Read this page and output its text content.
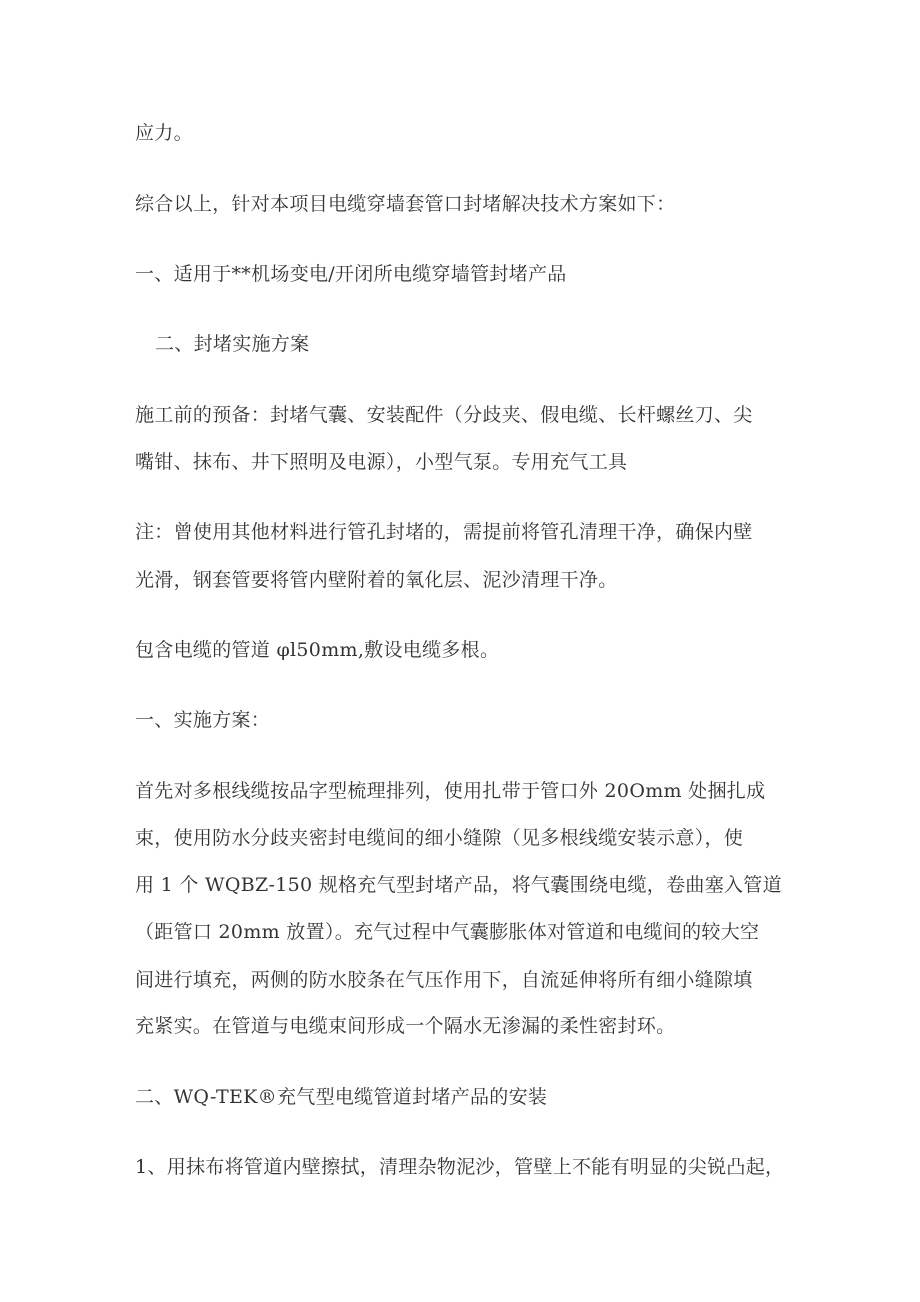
应力。
综合以上，针对本项目电缆穿墙套管口封堵解决技术方案如下：
一、适用于**机场变电/开闭所电缆穿墙管封堵产品
二、封堵实施方案
施工前的预备：封堵气囊、安装配件（分歧夹、假电缆、长杆螺丝刀、尖
嘴钳、抹布、井下照明及电源），小型气泵。专用充气工具
注：曾使用其他材料进行管孔封堵的，需提前将管孔清理干净，确保内壁
光滑，钢套管要将管内壁附着的氧化层、泥沙清理干净。
包含电缆的管道 φl50mm,敷设电缆多根。
一、实施方案：
首先对多根线缆按品字型梳理排列，使用扎带于管口外 20Omm 处捆扎成
束，使用防水分歧夹密封电缆间的细小缝隙（见多根线缆安装示意），使
用 1 个 WQBZ-150 规格充气型封堵产品，将气囊围绕电缆，卷曲塞入管道
（距管口 20mm 放置）。充气过程中气囊膨胀体对管道和电缆间的较大空
间进行填充，两侧的防水胶条在气压作用下，自流延伸将所有细小缝隙填
充紧实。在管道与电缆束间形成一个隔水无渗漏的柔性密封环。
二、WQ-TEK®充气型电缆管道封堵产品的安装
1、用抹布将管道内壁擦拭，清理杂物泥沙，管壁上不能有明显的尖锐凸起，
